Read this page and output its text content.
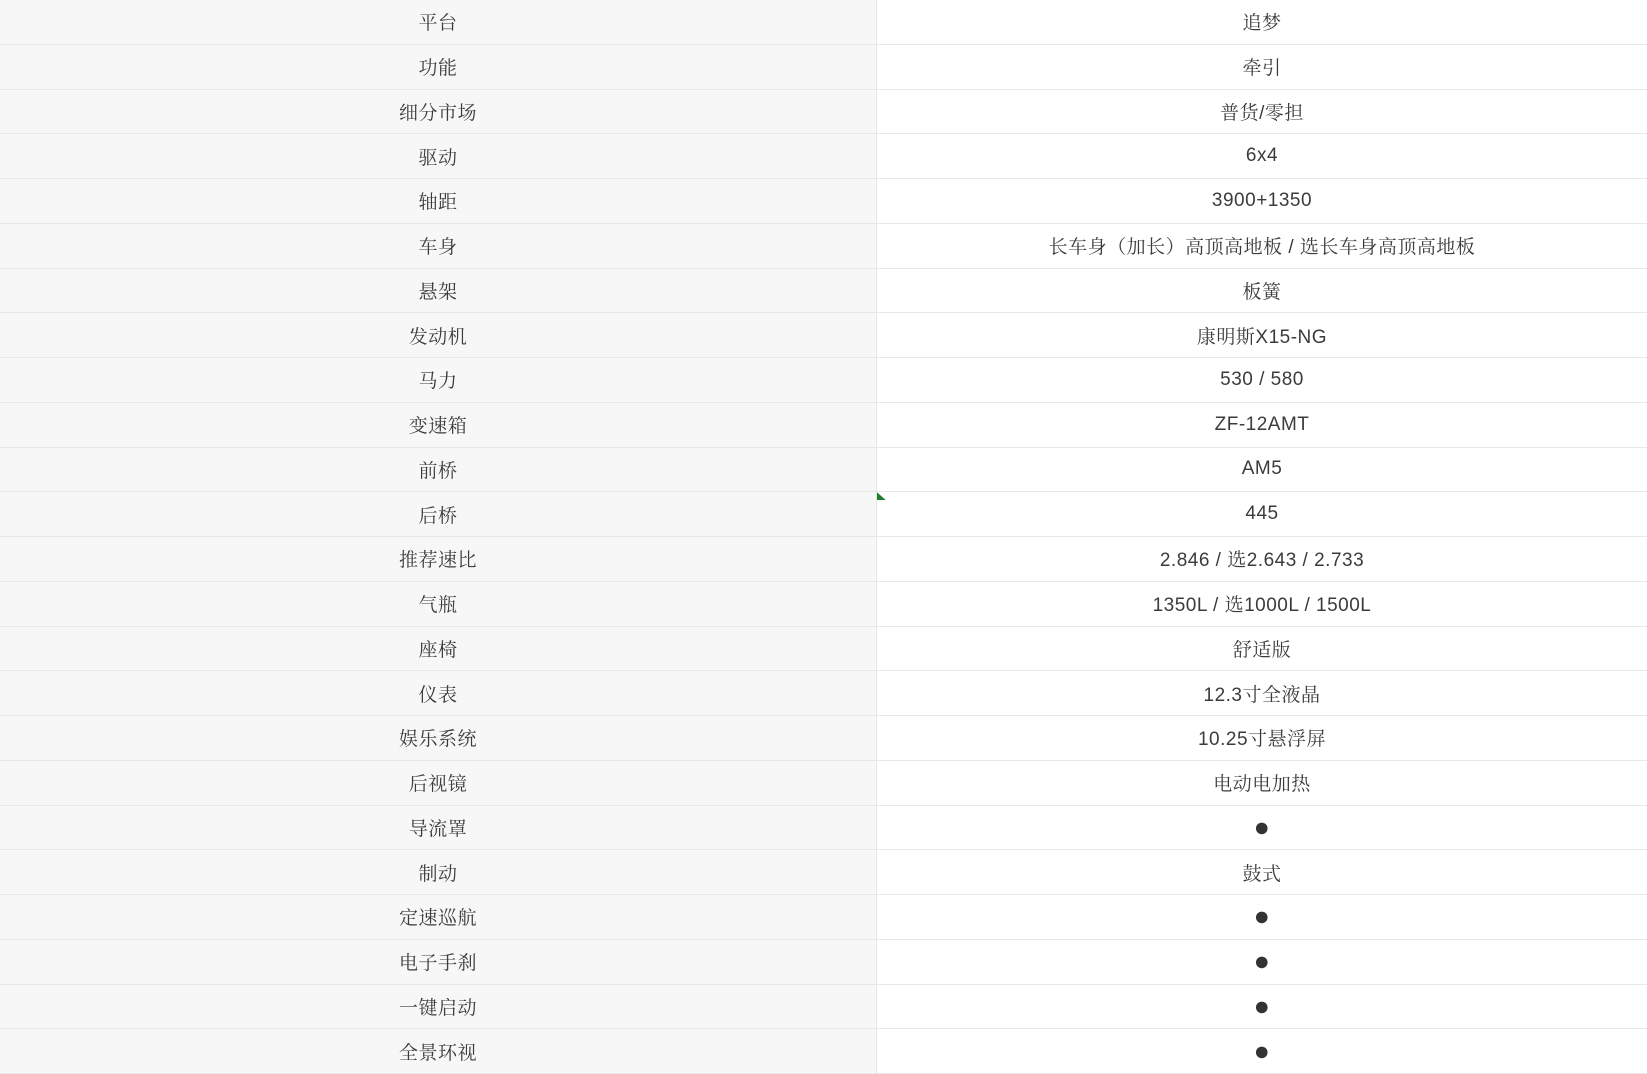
平台	追梦
功能	牵引
细分市场	普货/零担
驱动	6x4
轴距	3900+1350
车身	长车身（加长）高顶高地板 / 选长车身高顶高地板
悬架	板簧
发动机	康明斯X15-NG
马力	530 / 580
变速箱	ZF-12AMT
前桥	AM5
后桥	445
推荐速比	2.846 / 选2.643 / 2.733
气瓶	1350L / 选1000L / 1500L
座椅	舒适版
仪表	12.3寸全液晶
娱乐系统	10.25寸悬浮屏
后视镜	电动电加热
导流罩	●
制动	鼓式
定速巡航	●
电子手刹	●
一键启动	●
全景环视	●
